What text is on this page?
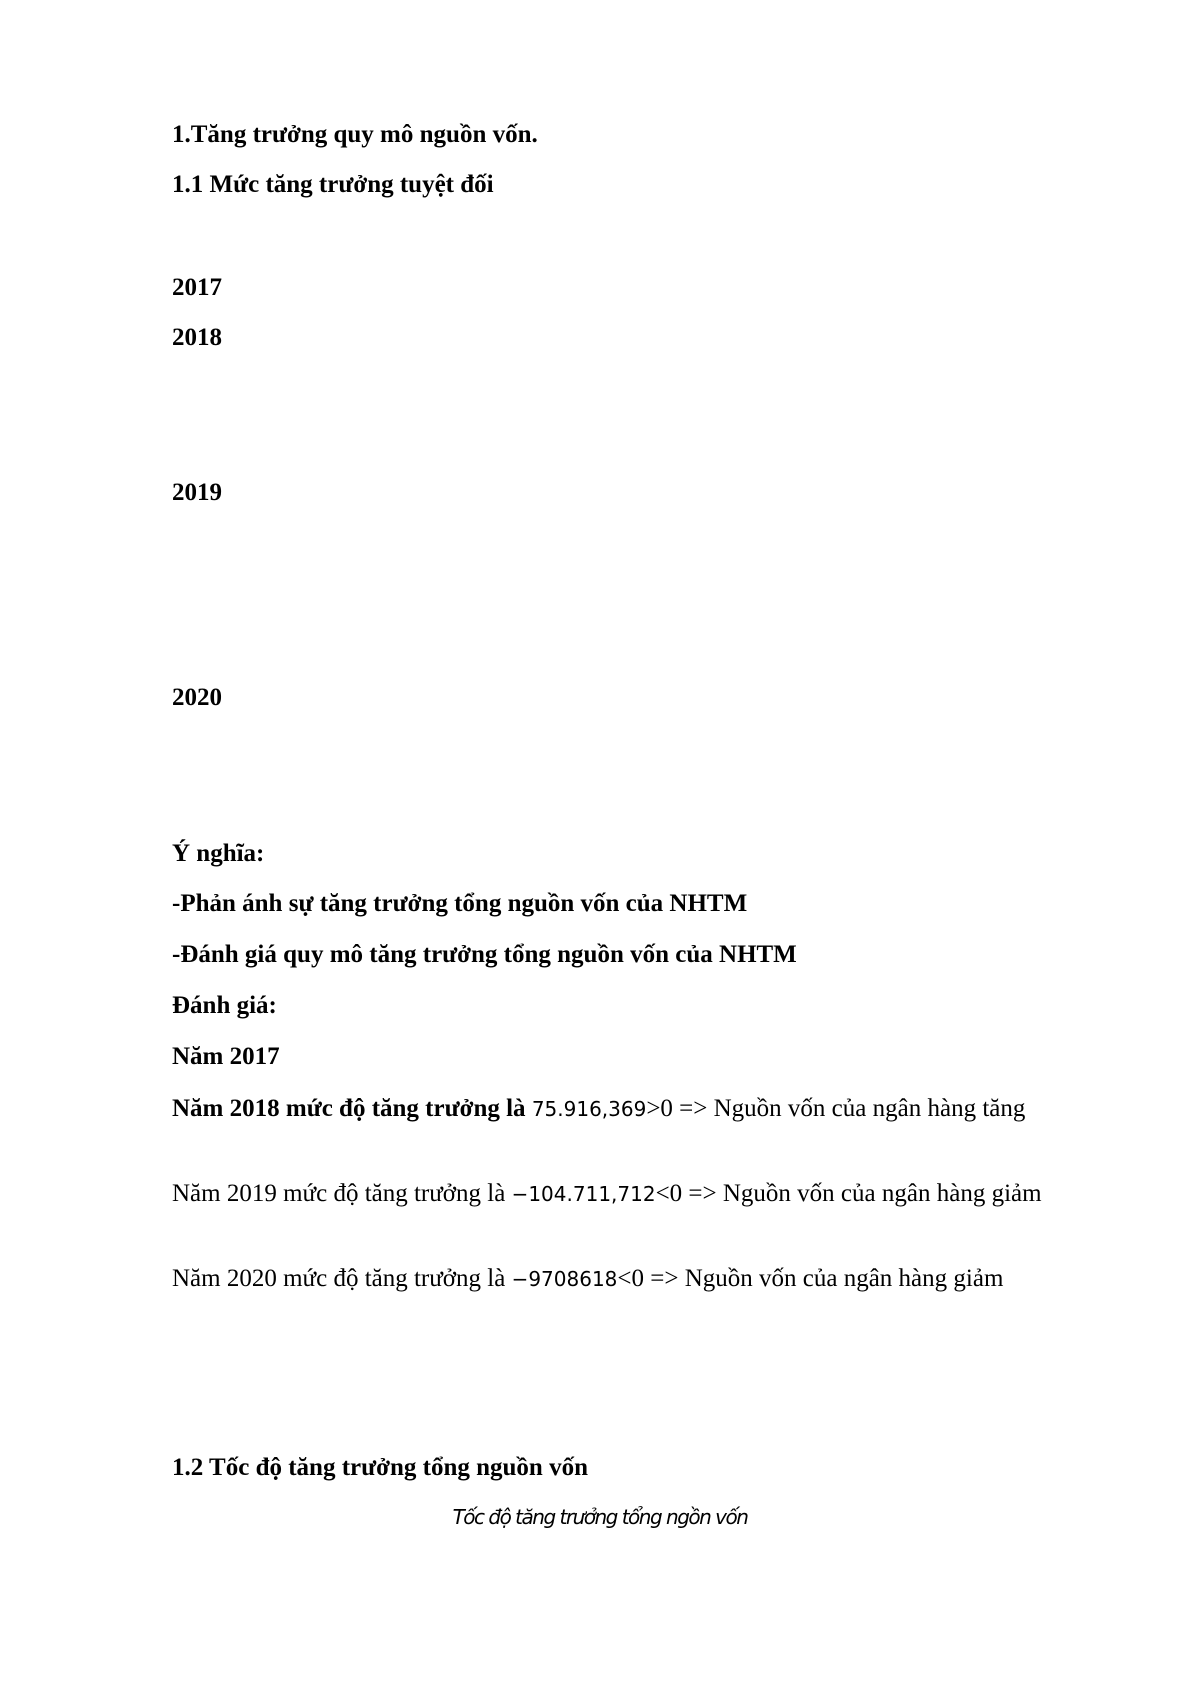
1.Tăng trưởng quy mô nguồn vốn.
1.1 Mức tăng trưởng tuyệt đối
2017
2018
2019
2020
Ý nghĩa:
-Phản ánh sự tăng trưởng tổng nguồn vốn của NHTM
-Đánh giá quy mô tăng trưởng tổng nguồn vốn của NHTM
Đánh giá:
Năm 2017
Năm 2018 mức độ tăng trưởng là 75.916,369>0 => Nguồn vốn của ngân hàng tăng
Năm 2019 mức độ tăng trưởng là −104.711,712<0 => Nguồn vốn của ngân hàng giảm
Năm 2020 mức độ tăng trưởng là −9708618<0 => Nguồn vốn của ngân hàng giảm
1.2 Tốc độ tăng trưởng tổng nguồn vốn
Tốc độ tăng trưởng tổng ngồn vốn
